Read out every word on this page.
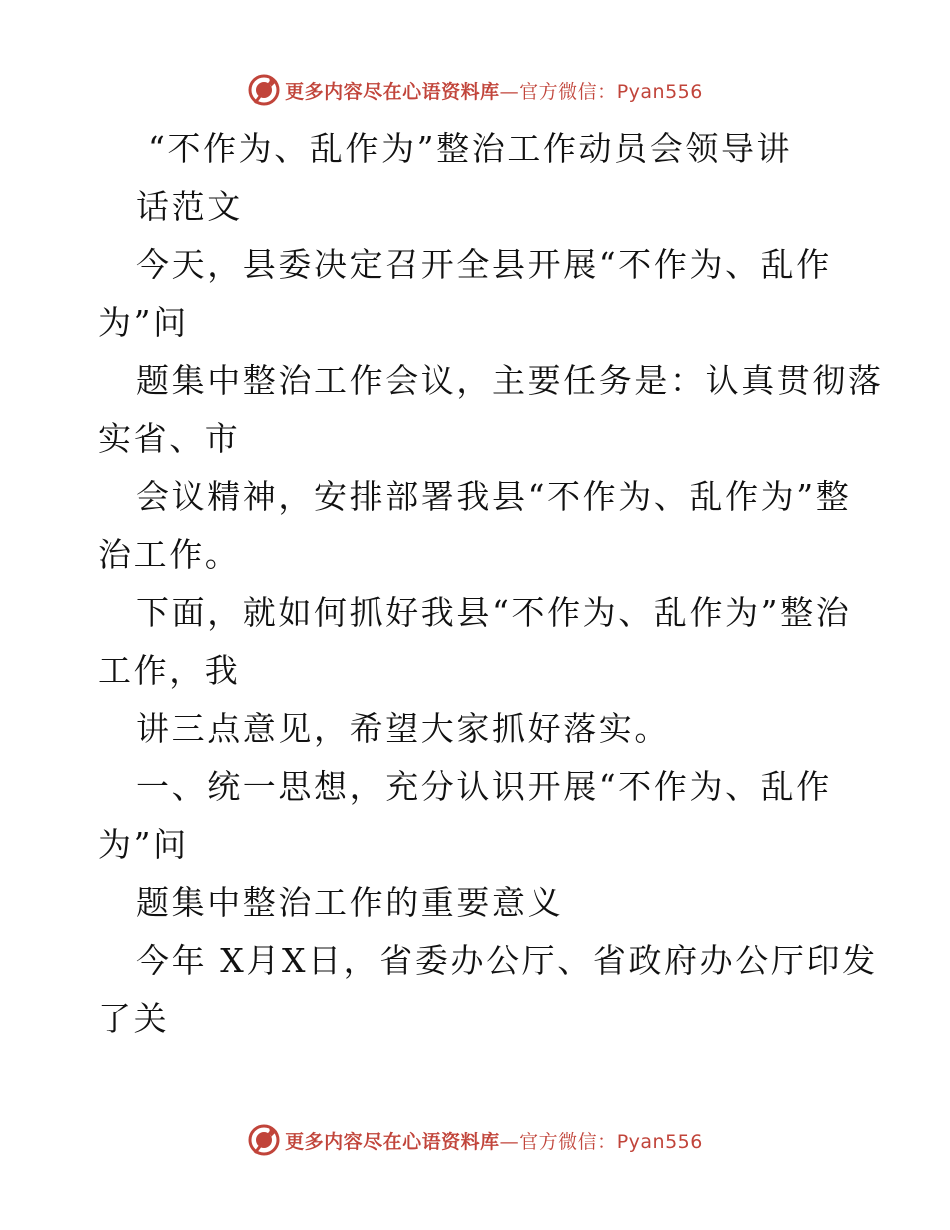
更多内容尽在心语资料库—官方微信：Pyan556
“不作为、乱作为”整治工作动员会领导讲
话范文
今天，县委决定召开全县开展“不作为、乱作
为”问
题集中整治工作会议，主要任务是：认真贯彻落
实省、市
会议精神，安排部署我县“不作为、乱作为”整
治工作。
下面，就如何抓好我县“不作为、乱作为”整治
工作，我
讲三点意见，希望大家抓好落实。
一、统一思想，充分认识开展“不作为、乱作
为”问
题集中整治工作的重要意义
今年 X月X日，省委办公厅、省政府办公厅印发
了关
更多内容尽在心语资料库—官方微信：Pyan556
